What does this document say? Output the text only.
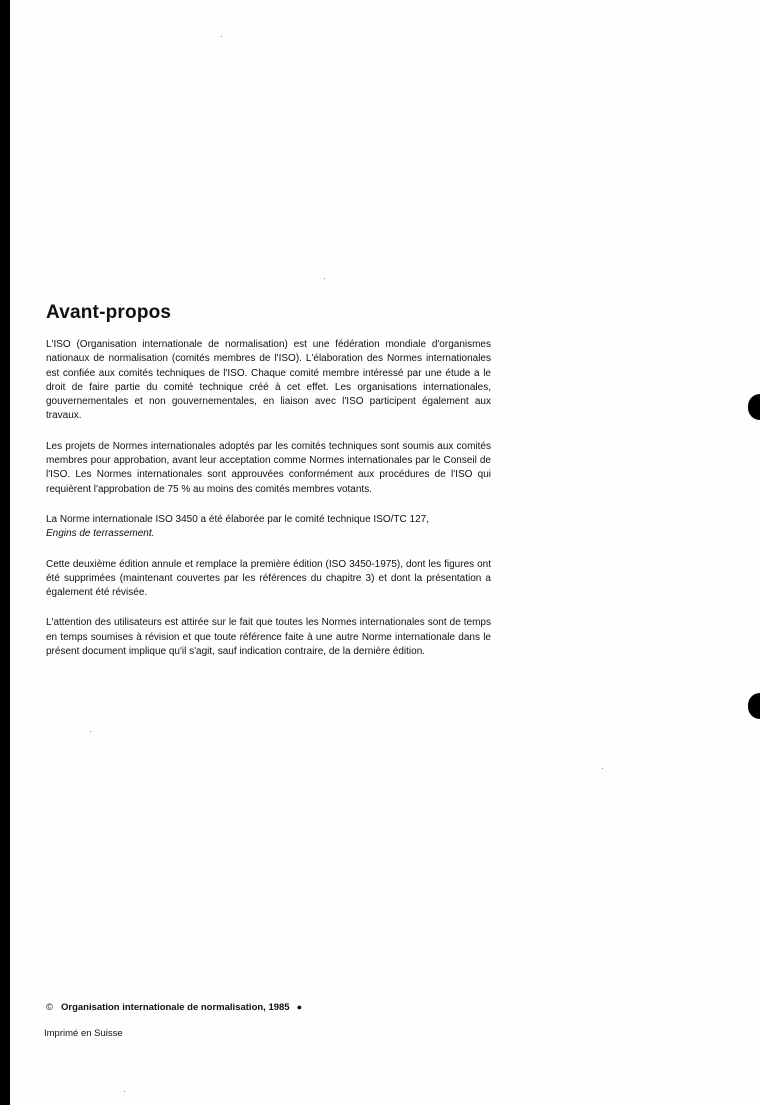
Avant-propos

L'ISO (Organisation internationale de normalisation) est une fédération mondiale d'organismes nationaux de normalisation (comités membres de l'ISO). L'élaboration des Normes internationales est confiée aux comités techniques de l'ISO. Chaque comité membre intéressé par une étude a le droit de faire partie du comité technique créé à cet effet. Les organisations internationales, gouvernementales et non gouvernementales, en liaison avec l'ISO participent également aux travaux.

Les projets de Normes internationales adoptés par les comités techniques sont soumis aux comités membres pour approbation, avant leur acceptation comme Normes internationales par le Conseil de l'ISO. Les Normes internationales sont approuvées conformément aux procédures de l'ISO qui requièrent l'approbation de 75 % au moins des comités membres votants.

La Norme internationale ISO 3450 a été élaborée par le comité technique ISO/TC 127,
Engins de terrassement.

Cette deuxième édition annule et remplace la première édition (ISO 3450-1975), dont les figures ont été supprimées (maintenant couvertes par les références du chapitre 3) et dont la présentation a également été révisée.

L'attention des utilisateurs est attirée sur le fait que toutes les Normes internationales sont de temps en temps soumises à révision et que toute référence faite à une autre Norme internationale dans le présent document implique qu'il s'agit, sauf indication contraire, de la dernière édition.

© Organisation internationale de normalisation, 1985 ●
Imprimé en Suisse
